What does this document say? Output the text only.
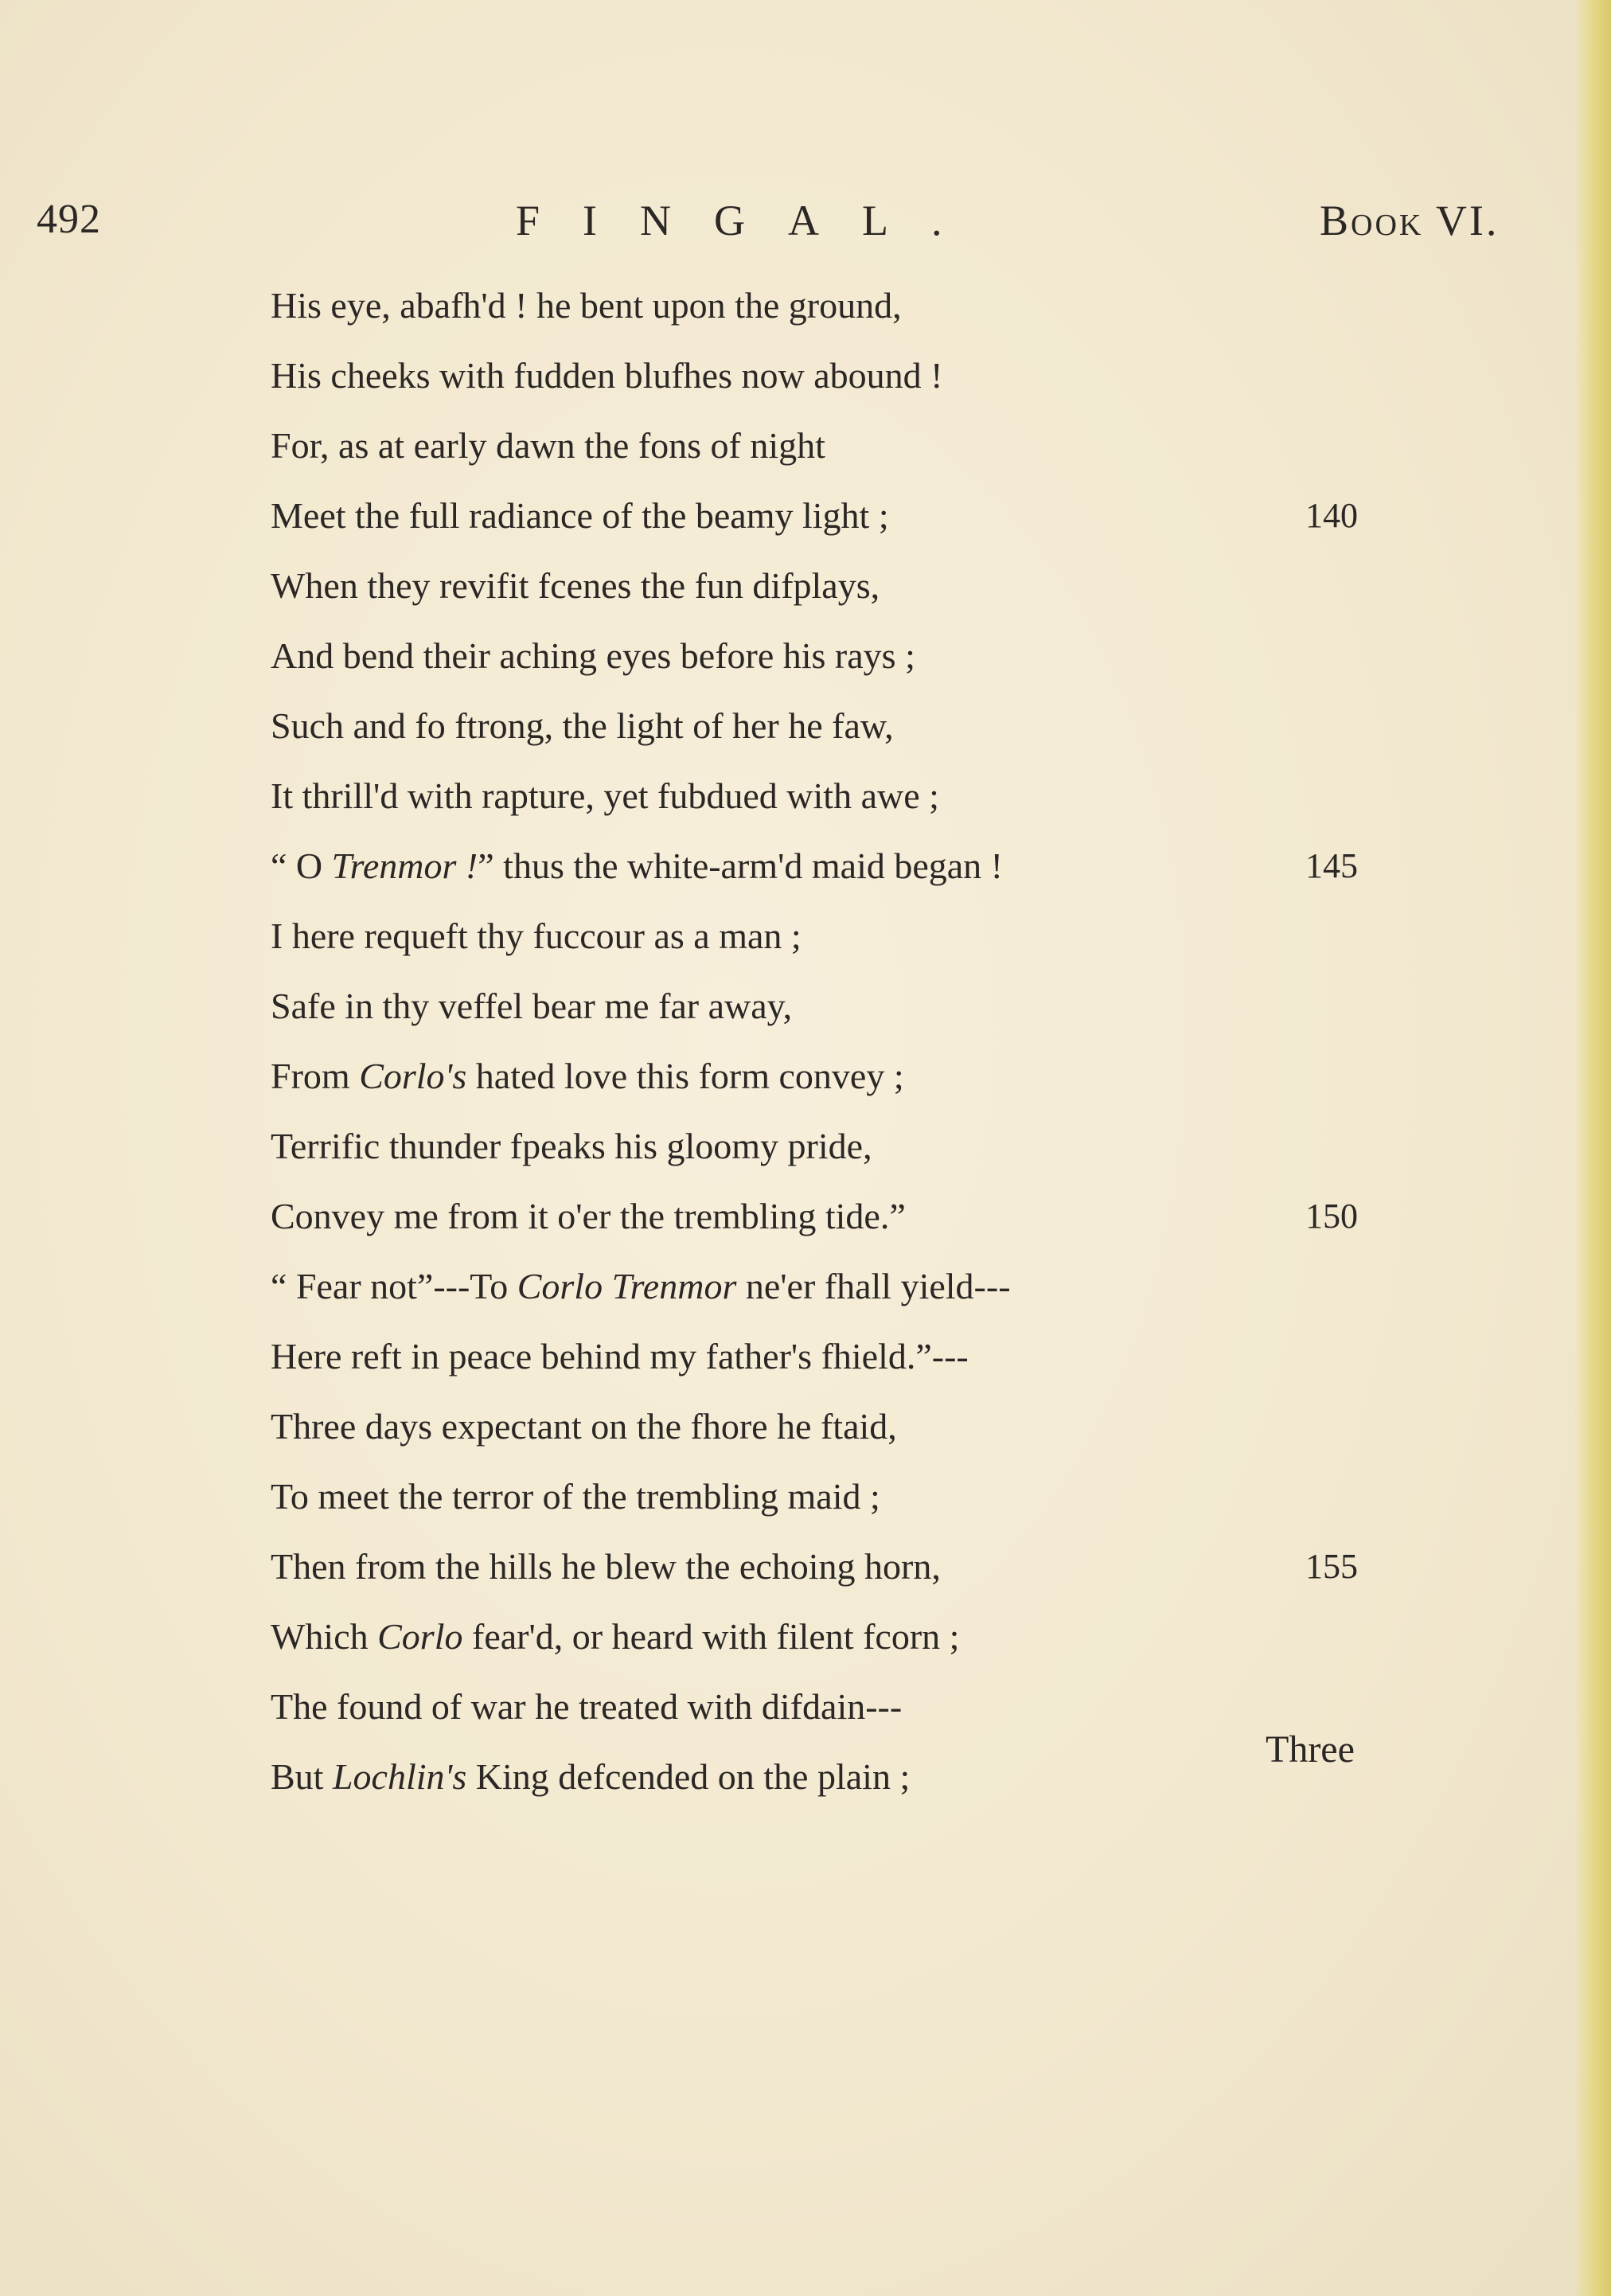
492	FINGAL.	Book VI.
His eye, abafh'd ! he bent upon the ground,
His cheeks with fudden blufhes now abound !
For, as at early dawn the fons of night
Meet the full radiance of the beamy light ;	140
When they revifit fcenes the fun difplays,
And bend their aching eyes before his rays ;
Such and fo ftrong, the light of her he faw,
It thrill'd with rapture, yet fubdued with awe ;
“ O Trenmor !” thus the white-arm'd maid began !	145
I here requeft thy fuccour as a man ;
Safe in thy veffel bear me far away,
From Corlo's hated love this form convey ;
Terrific thunder fpeaks his gloomy pride,
Convey me from it o'er the trembling tide.”	150
“ Fear not”---To Corlo Trenmor ne'er fhall yield---
Here reft in peace behind my father's fhield.”---
Three days expectant on the fhore he ftaid,
To meet the terror of the trembling maid ;
Then from the hills he blew the echoing horn,	155
Which Corlo fear'd, or heard with filent fcorn ;
The found of war he treated with difdain---
But Lochlin's King defcended on the plain ;
Three
